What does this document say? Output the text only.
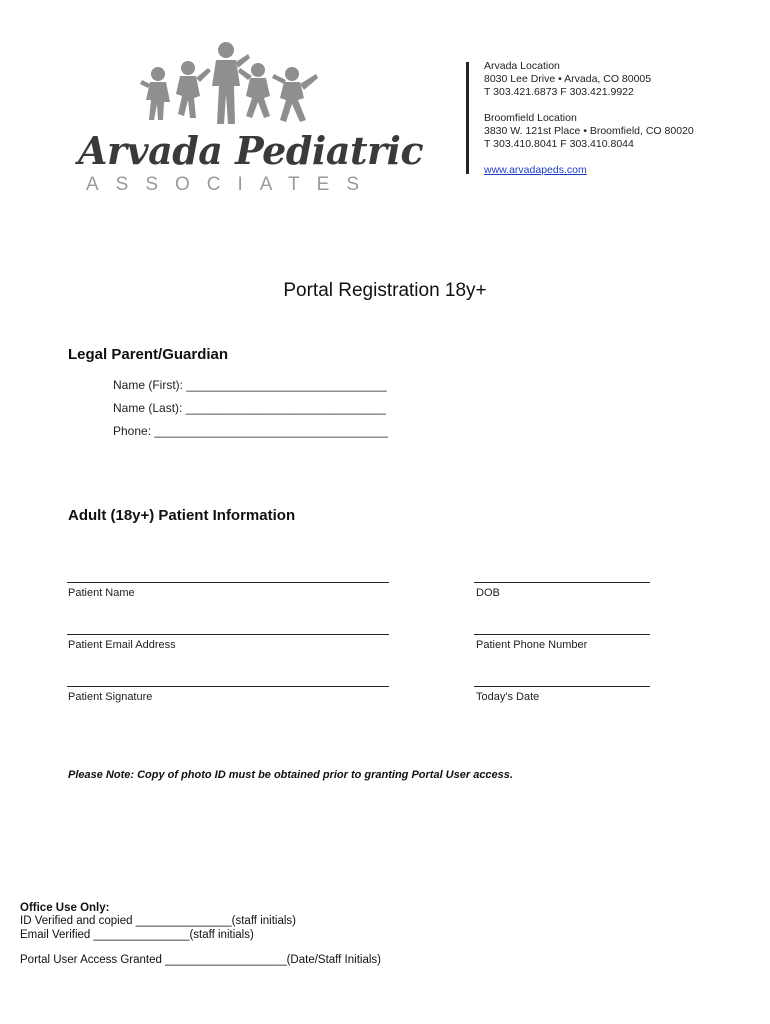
Arvada Pediatric
ASSOCIATES
Arvada Location
8030 Lee Drive • Arvada, CO 80005
T 303.421.6873 F 303.421.9922
Broomfield Location
3830 W. 121st Place • Broomfield, CO 80020
T 303.410.8041 F 303.410.8044
www.arvadapeds.com
Portal Registration 18y+
Legal Parent/Guardian
Name (First): ______________________________
Name (Last): ______________________________
Phone: ___________________________________
Adult (18y+) Patient Information
Patient Name	DOB
Patient Email Address	Patient Phone Number
Patient Signature	Today's Date
Please Note: Copy of photo ID must be obtained prior to granting Portal User access.
Office Use Only:
ID Verified and copied _______________(staff initials)
Email Verified _______________(staff initials)
Portal User Access Granted ___________________(Date/Staff Initials)
